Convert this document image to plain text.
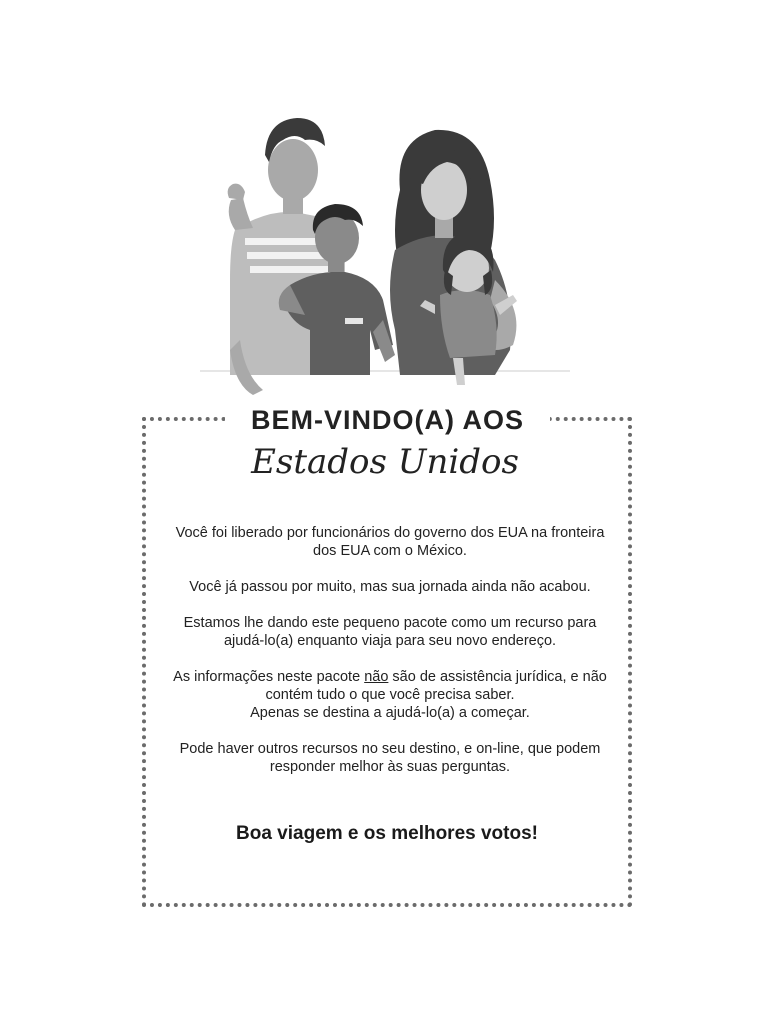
BEM-VINDO(A) AOS
Estados Unidos

Você foi liberado por funcionários do governo dos EUA na fronteira dos EUA com o México.

Você já passou por muito, mas sua jornada ainda não acabou.

Estamos lhe dando este pequeno pacote como um recurso para ajudá-lo(a) enquanto viaja para seu novo endereço.

As informações neste pacote não são de assistência jurídica, e não contém tudo o que você precisa saber.
Apenas se destina a ajudá-lo(a) a começar.

Pode haver outros recursos no seu destino, e on-line, que podem responder melhor às suas perguntas.

Boa viagem e os melhores votos!
